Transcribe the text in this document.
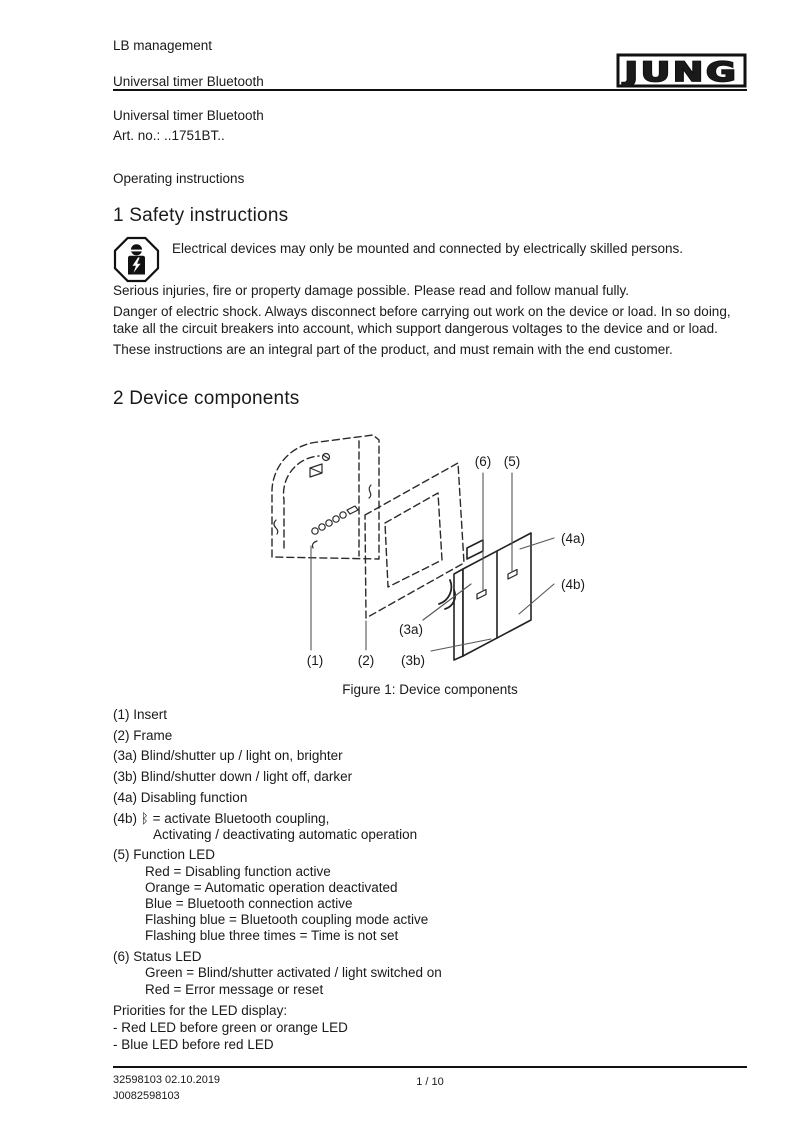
LB management
Universal timer Bluetooth	JUNG
Universal timer Bluetooth
Art. no.: ..1751BT..
Operating instructions
1 Safety instructions
Electrical devices may only be mounted and connected by electrically skilled persons.

Serious injuries, fire or property damage possible. Please read and follow manual fully.

Danger of electric shock. Always disconnect before carrying out work on the device or load. In so doing, take all the circuit breakers into account, which support dangerous voltages to the device and or load.

These instructions are an integral part of the product, and must remain with the end customer.

2 Device components
(1)	(2)
(3a)
(3b)
(4a)
(4b)
(5)
(6)
Figure 1: Device components
(1) Insert
(2) Frame
(3a) Blind/shutter up / light on, brighter
(3b) Blind/shutter down / light off, darker
(4a) Disabling function
(4b) ᛒ = activate Bluetooth coupling,
Activating / deactivating automatic operation
(5) Function LED
Red = Disabling function active
Orange = Automatic operation deactivated
Blue = Bluetooth connection active
Flashing blue = Bluetooth coupling mode active
Flashing blue three times = Time is not set
(6) Status LED
Green = Blind/shutter activated / light switched on
Red = Error message or reset
Priorities for the LED display:
- Red LED before green or orange LED
- Blue LED before red LED
32598103 02.10.2019
J0082598103
1 / 10
